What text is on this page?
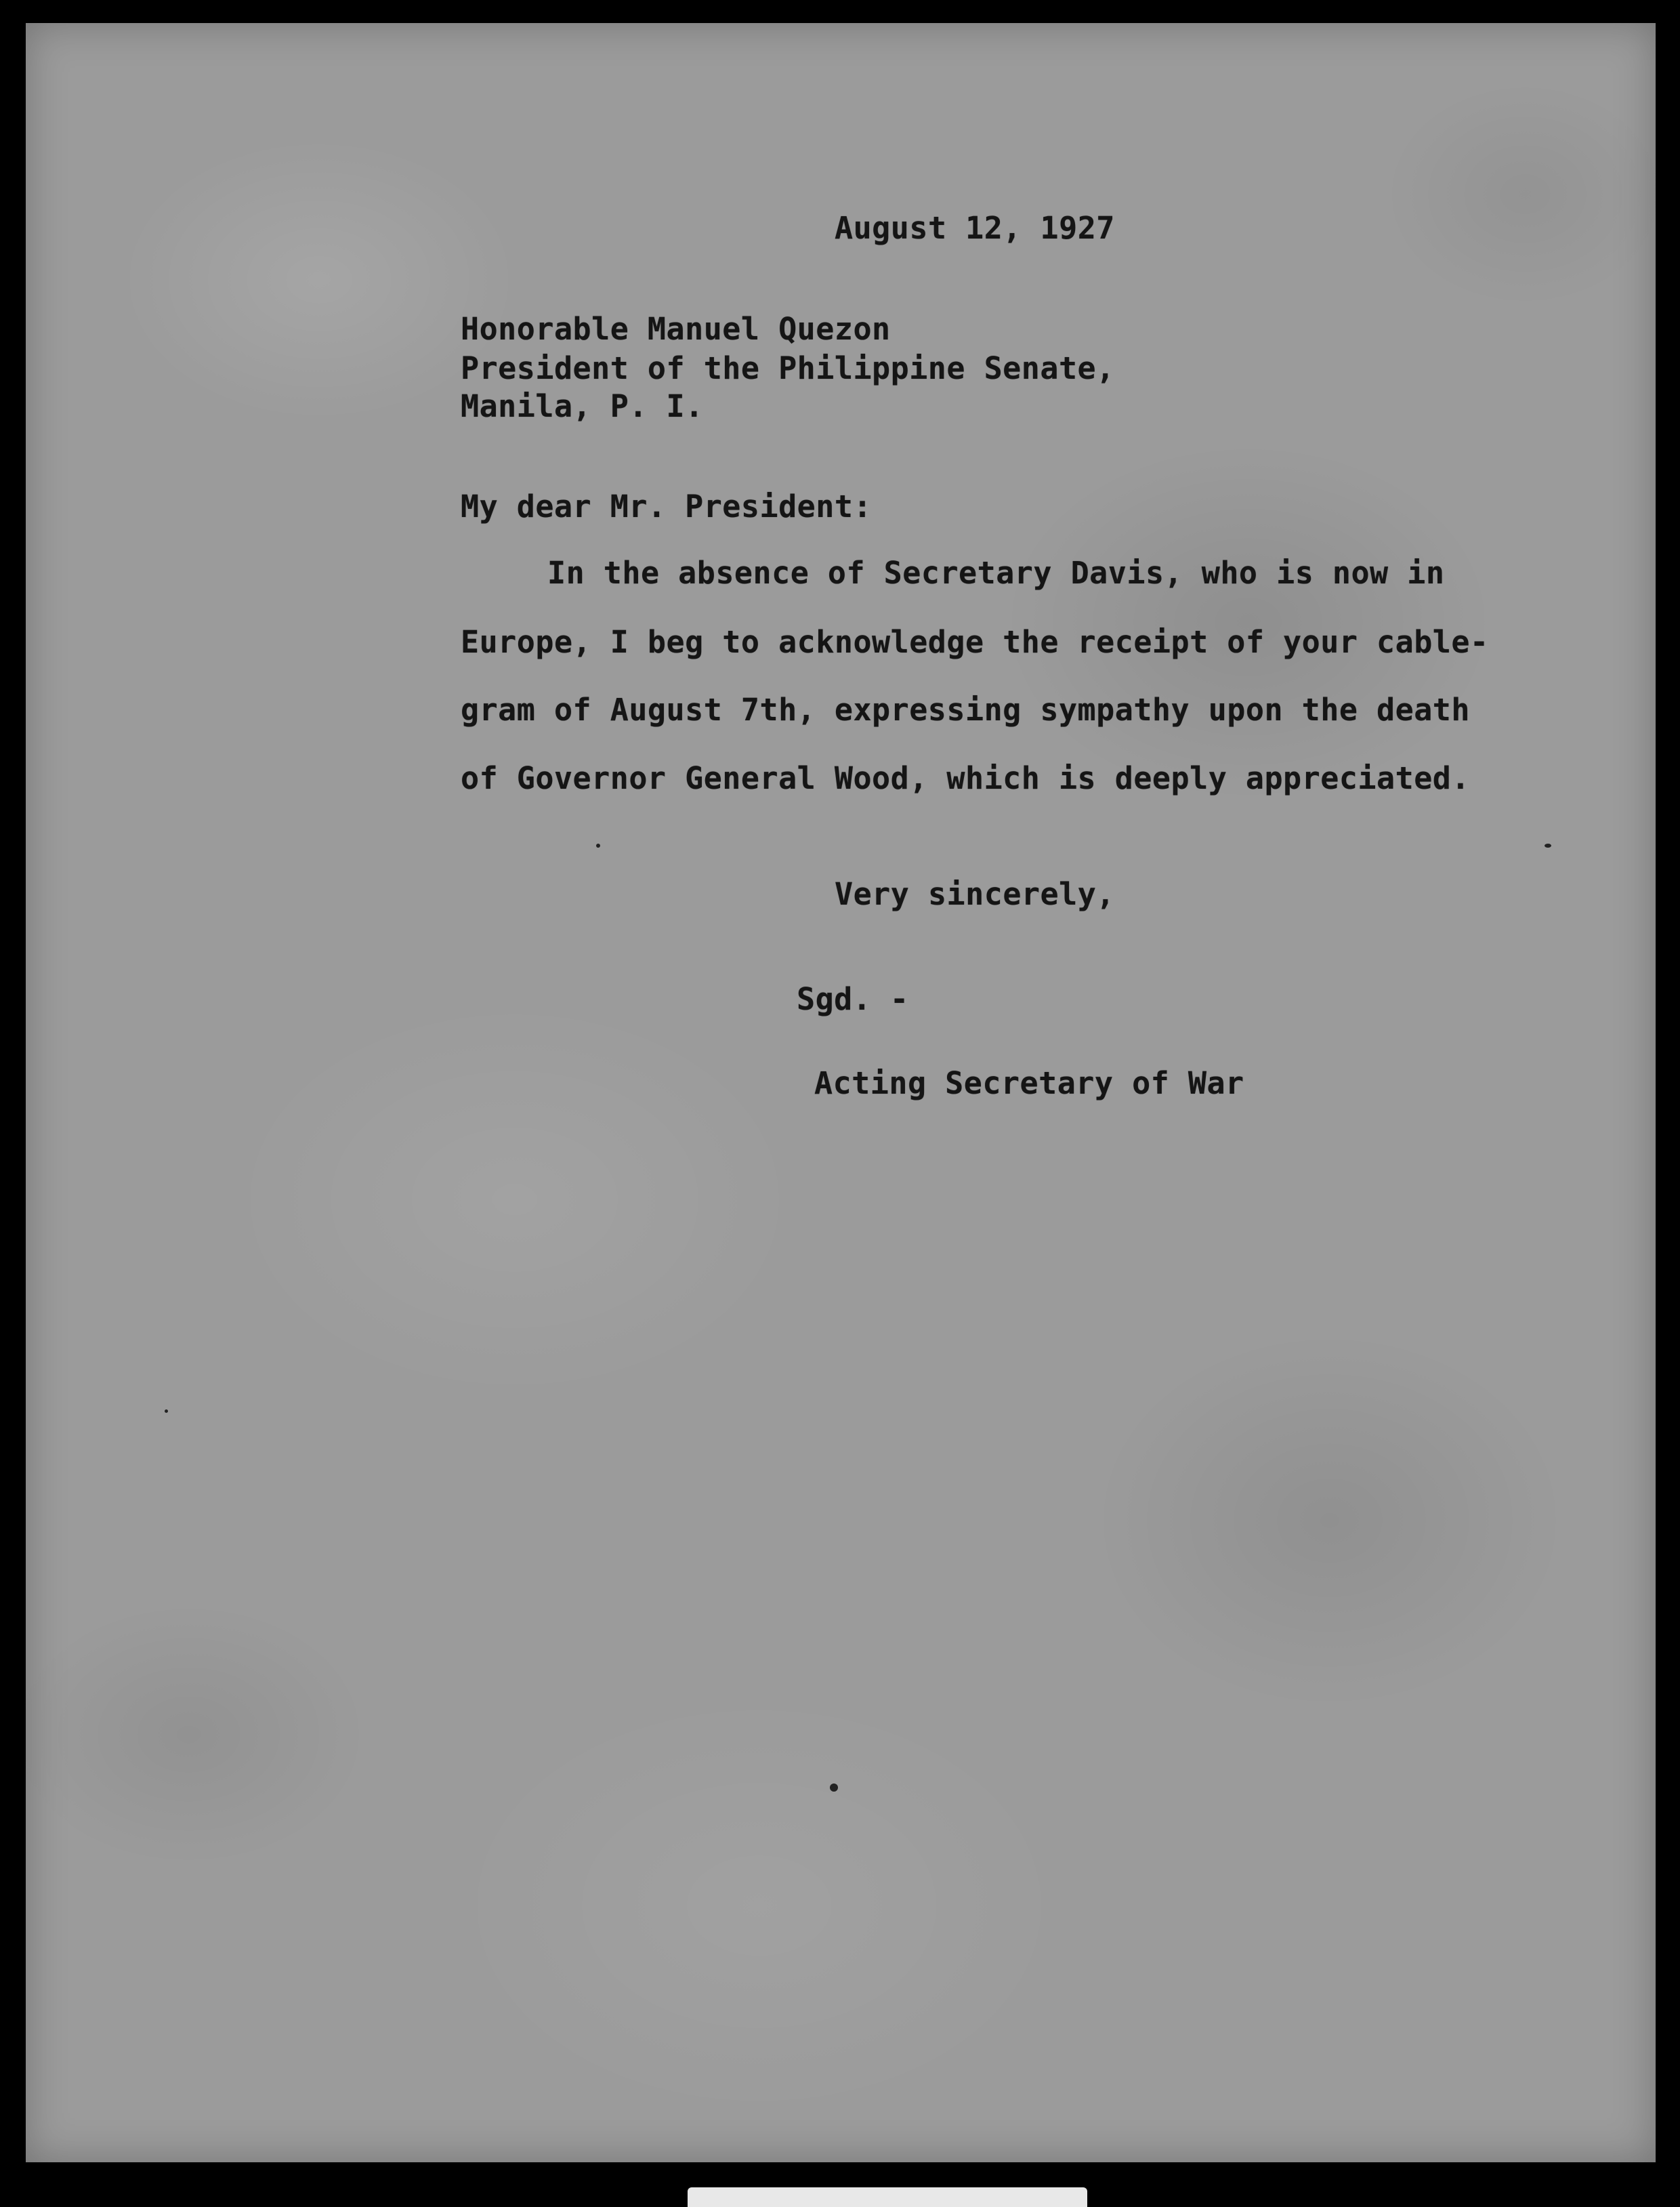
August 12, 1927

Honorable Manuel Quezon

President of the Philippine Senate,

Manila, P. I.

My dear Mr. President:

In the absence of Secretary Davis, who is now in

Europe, I beg to acknowledge the receipt of your cable-

gram of August 7th, expressing sympathy upon the death

of Governor General Wood, which is deeply appreciated.

Very sincerely,

Sgd. -

Acting Secretary of War
